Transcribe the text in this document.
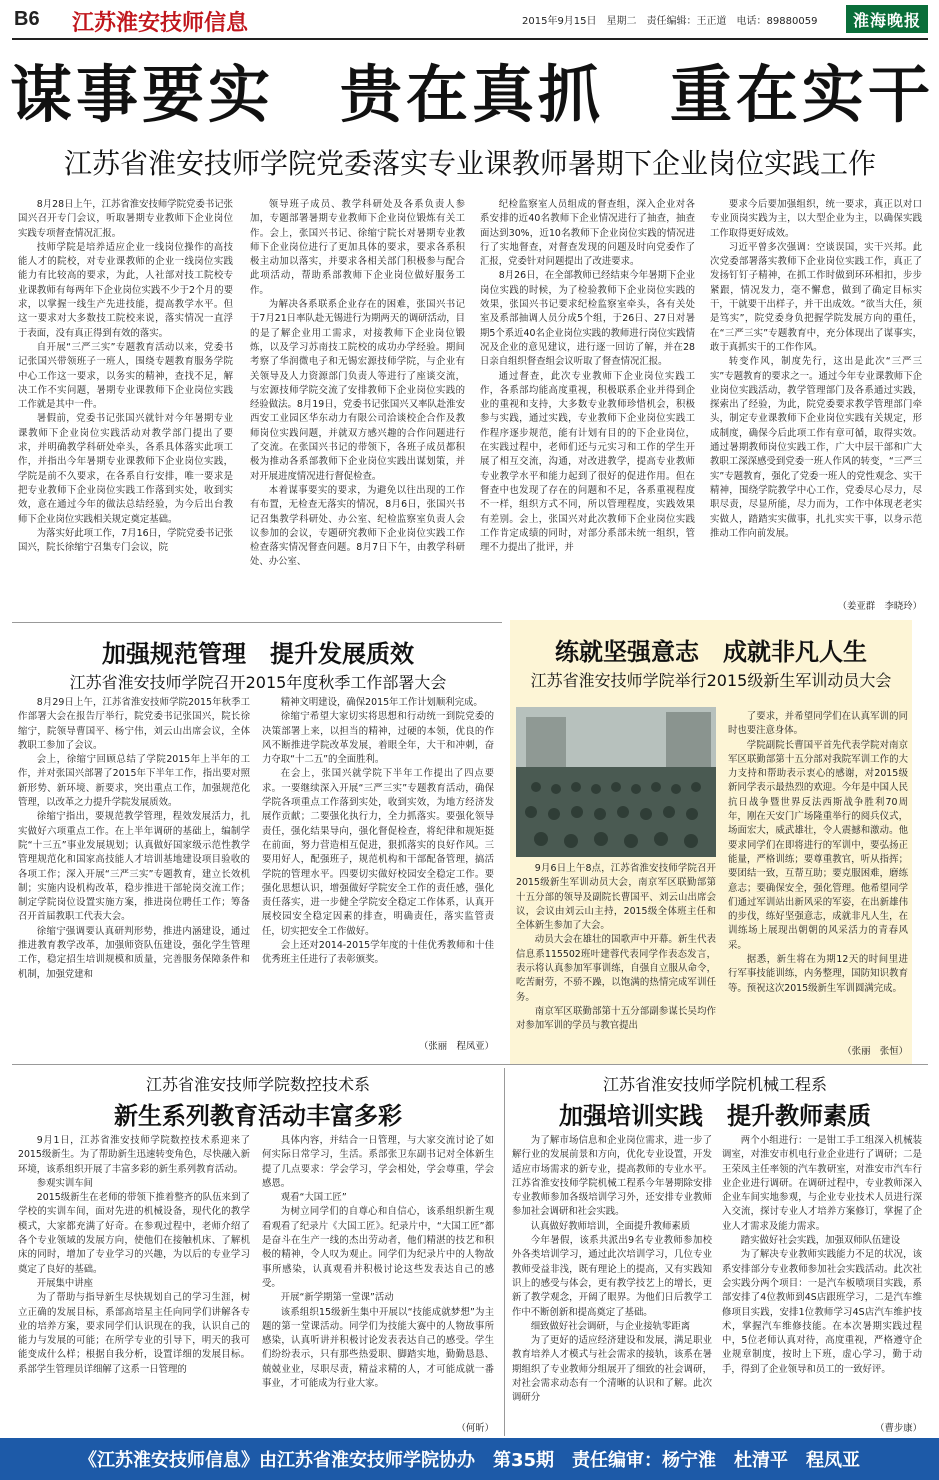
B6 江苏淮安技师信息	2015年9月15日　星期二　责任编辑：王正道　电话：89880059	淮海晚报
谋事要实　贵在真抓　重在实干
江苏省淮安技师学院党委落实专业课教师暑期下企业岗位实践工作

8月28日上午，江苏省淮安技师学院党委书记张国兴召开专门会议，听取暑期专业教师下企业岗位实践专项督查情况汇报。

技师学院是培养适应企业一线岗位操作的高技能人才的院校，对专业课教师的企业一线岗位实践能力有比较高的要求，为此，人社部对技工院校专业课教师有每两年下企业岗位实践不少于2个月的要求，以掌握一线生产先进技能，提高教学水平。但这一要求对大多数技工院校来说，落实情况一直浮于表面，没有真正得到有效的落实。

自开展“三严三实”专题教育活动以来，党委书记张国兴带领班子一班人，围绕专题教育服务学院中心工作这一要求，以务实的精神，查找不足，解决工作不实问题，暑期专业课教师下企业岗位实践工作就是其中一件。

暑假前，党委书记张国兴就针对今年暑期专业课教师下企业岗位实践活动对教学部门提出了要求，并明确教学科研处牵头，各系具体落实此项工作，并指出今年暑期专业课教师下企业岗位实践，学院是前不久要求，在各系自行安排，唯一要求是把专业教师下企业岗位实践工作落到实处，收到实效，意在通过今年的做法总结经验，为今后出台教师下企业岗位实践相关规定奠定基础。

为落实好此项工作，7月16日，学院党委书记张国兴，院长徐缩宁召集专门会议，院

领导班子成员、教学科研处及各系负责人参加，专题部署暑期专业教师下企业岗位锻炼有关工作。会上，张国兴书记、徐缩宁院长对暑期专业教师下企业岗位进行了更加具体的要求，要求各系积极主动加以落实，并要求各相关部门积极参与配合此项活动，帮助系部教师下企业岗位做好服务工作。

为解决各系联系企业存在的困难，张国兴书记于7月21日率队赴无锡进行为期两天的调研活动，目的是了解企业用工需求，对接教师下企业岗位锻炼，以及学习苏南技工院校的成功办学经验。期间考察了华润微电子和无锡宏源技师学院，与企业有关领导及人力资源部门负责人等进行了座谈交流，与宏源技师学院交流了安排教师下企业岗位实践的经验做法。8月19日，党委书记张国兴又率队赴淮安西安工业园区华东动力有限公司洽谈校企合作及教师岗位实践问题，并就双方感兴趣的合作问题进行了交流。在张国兴书记的带领下，各班子成员都积极为推动各系部教师下企业岗位实践出谋划策，并对开展进度情况进行督促检查。

本着谋事要实的要求，为避免以往出现的工作有布置，无检查无落实的情况，8月6日，张国兴书记召集教学科研处、办公室、纪检监察室负责人会议参加的会议，专题研究教师下企业岗位实践工作检查落实情况督查问题。8月7日下午，由教学科研处、办公室、

纪检监察室人员组成的督查组，深入企业对各系安排的近40名教师下企业情况进行了抽查，抽查面达到30%，近10名教师下企业岗位实践的情况进行了实地督查，对督查发现的问题及时向党委作了汇报，党委针对问题提出了改进要求。

8月26日，在全部教师已经结束今年暑期下企业岗位实践的时候，为了检验教师下企业岗位实践的效果，张国兴书记要求纪检监察室牵头，各有关处室及系部抽调人员分成5个组，于26日、27日对暑期5个系近40名企业岗位实践的教师进行岗位实践情况及企业的意见建议，进行逐一回访了解，并在28日亲自组织督查组会议听取了督查情况汇报。

通过督查，此次专业教师下企业岗位实践工作，各系部均能高度重视，积极联系企业并得到企业的重视和支持，大多数专业教师珍惜机会，积极参与实践，通过实践，专业教师下企业岗位实践工作程序逐步规范，能有计划有目的的下企业岗位，在实践过程中，老师们还与元实习和工作的学生开展了相互交流，沟通，对改进教学，提高专业教师专业教学水平和能力起到了很好的促进作用。但在督查中也发现了存在的问题和不足，各系重视程度不一样，组织方式不同，所以管理程度，实践效果有差别。会上，张国兴对此次教师下企业岗位实践工作肯定成绩的同时，对部分系部未统一组织，管理不力提出了批评，并

要求今后要加强组织，统一要求，真正以对口专业顶岗实践为主，以大型企业为主，以确保实践工作取得更好成效。

习近平曾多次强调：空谈误国，实干兴邦。此次党委部署落实教师下企业岗位实践工作，真正了发扬钉钉子精神，在抓工作时做到环环相扣，步步紧跟，情况发力，毫不懈怠，做到了确定目标实干，干就要干出样子，并干出成效。“欲当大任，须是笃实”，院党委身负把握学院发展方向的重任，在“三严三实”专题教育中，充分体现出了谋事实，敢于真抓实干的工作作风。

转变作风，制度先行，这出是此次“三严三实”专题教育的要求之一。通过今年专业课教师下企业岗位实践活动，教学管理部门及各系通过实践，探索出了经验，为此，院党委要求教学管理部门牵头，制定专业课教师下企业岗位实践有关规定，形成制度，确保今后此项工作有章可循，取得实效。通过暑期教师岗位实践工作，广大中层干部和广大教职工深深感受到党委一班人作风的转变，“三严三实”专题教育，强化了党委一班人的党性观念、实干精神，围绕学院教学中心工作，党委尽心尽力，尽职尽责，尽显所能，尽力而为，工作中体现老老实实做人，踏踏实实做事，扎扎实实干事，以身示范推动工作向前发展。

（姜亚群　李晓玲）
加强规范管理　提升发展质效
江苏省淮安技师学院召开2015年度秋季工作部署大会

8月29日上午，江苏省淮安技师学院2015年秋季工作部署大会在报告厅举行，院党委书记张国兴，院长徐缩宁，院领导曹国平、杨宁伟，刘云山出席会议，全体教职工参加了会议。

会上，徐缩宁回顾总结了学院2015年上半年的工作，并对张国兴部署了2015年下半年工作，指出要对照新形势、新环境、新要求，突出重点工作，加强规范化管理，以改革之力提升学院发展质效。

徐缩宁指出，要规范教学管理，程效发展活力，扎实做好六项重点工作。在上半年调研的基础上，编制学院“十三五”事业发展规划；认真做好国家级示范性教学管理规范化和国家高技能人才培训基地建设项目验收的各项工作；深入开展“三严三实”专题教育，建立长效机制；实施内设机构改革，稳步推进干部轮岗交流工作；制定学院岗位设置实施方案，推进岗位聘任工作；筹备召开首届教职工代表大会。

徐缩宁强调要认真研判形势，推进内涵建设，通过推进教育教学改革，加强师资队伍建设，强化学生管理工作，稳定招生培训规模和质量，完善服务保障条件和机制，加强党建和

精神文明建设，确保2015年工作计划顺利完成。

徐缩宁希望大家切实将思想和行动统一到院党委的决策部署上来，以担当的精神，过硬的本领，优良的作风不断推进学院改革发展，着眼全年，大干和冲刺，奋力夺取“十二五”的全面胜利。

在会上，张国兴就学院下半年工作提出了四点要求。一要继续深入开展“三严三实”专题教育活动，确保学院各项重点工作落到实处，收到实效，为地方经济发展作贡献；二要强化执行力，全力抓落实。要强化领导责任，强化结果导向，强化督促检查，将纪律和规矩挺在前面，努力营造相互促进，狠抓落实的良好作风。三要用好人，配强班子，规范机构和干部配备管理，搞活学院的管理水平。四要切实做好校园安全稳定工作。要强化思想认识，增强做好学院安全工作的责任感，强化责任落实，进一步健全学院安全稳定工作体系，认真开展校园安全稳定因素的排查，明确责任，落实监管责任，切实把安全工作做好。

会上还对2014-2015学年度的十佳优秀教师和十佳优秀班主任进行了表彰颁奖。

（张丽　程凤亚）
练就坚强意志　成就非凡人生
江苏省淮安技师学院举行2015级新生军训动员大会

9月6日上午8点，江苏省淮安技师学院召开2015级新生军训动员大会，南京军区联勤部第十五分部的领导及副院长曹国平、刘云山出席会议，会议由刘云山主持，2015级全体班主任和全体新生参加了大会。

动员大会在雄壮的国歌声中开幕。新生代表信息系115502班叶建蓉代表同学作表态发言，表示将认真参加军事训练，自强自立服从命令，吃苦耐劳，不骄不躁，以饱满的热情完成军训任务。

南京军区联勤部第十五分部副参谋长吴均作对参加军训的学员与教官提出

了要求，并希望同学们在认真军训的同时也要注意身体。

学院副院长曹国平首先代表学院对南京军区联勤部第十五分部对我院军训工作的大力支持和帮助表示衷心的感谢，对2015级新同学表示最热烈的欢迎。今年是中国人民抗日战争暨世界反法西斯战争胜利70周年，刚在天安门广场隆重举行的阅兵仪式，场面宏大，威武雄壮，令人震撼和激动。他要求同学们在即将进行的军训中，要弘扬正能量，严格训练；要尊重教官，听从指挥；要团结一致，互帮互助；要克服困难，磨练意志；要确保安全，强化管理。他希望同学们通过军训站出新风采的军姿，在出新雄伟的步伐，练好坚强意志，成就非凡人生，在训练场上展现出朝朝的风采活力的青春风采。

据悉，新生将在为期12天的时间里进行军事技能训练，内务整理，国防知识教育等。预祝这次2015级新生军训圆满完成。

（张丽　张恒）
江苏省淮安技师学院数控技术系
新生系列教育活动丰富多彩

9月1日，江苏省淮安技师学院数控技术系迎来了2015级新生。为了帮助新生迅速转变角色，尽快融入新环境，该系组织开展了丰富多彩的新生系列教育活动。

参观实训车间

2015级新生在老师的带领下推着整齐的队伍来到了学校的实训车间，面对先进的机械设备，现代化的教学模式，大家都充满了好奇。在参观过程中，老师介绍了各个专业领域的发展方向，使他们在接触机床、了解机床的同时，增加了专业学习的兴趣，为以后的专业学习奠定了良好的基础。

开展集中讲座

为了帮助与指导新生尽快规划自己的学习生涯，树立正确的发展目标，系部高培星主任向同学们讲解各专业的培养方案，要求同学们认识现在的我，认识自己的能力与发展的可能；在所学专业的引导下，明天的我可能变成什么样；根据自我分析，设置详细的发展目标。系部学生管理员详细解了这系一日管理的

具体内容，并结合一日管理，与大家交流讨论了如何实际日常学习，生活。系部张卫东副书记对全体新生提了几点要求：学会学习，学会相处，学会尊重，学会感恩。

观看“大国工匠”

为树立同学们的自尊心和自信心，该系组织新生观看观看了纪录片《大国工匠》。纪录片中，“大国工匠”都是奋斗在生产一线的杰出劳动者，他们精湛的技艺和积极的精神，令人叹为观止。同学们为纪录片中的人物故事所感染，认真观看并积极讨论这些发表达自己的感受。

开展“新学期第一堂课”活动

该系组织15级新生集中开展以“技能成就梦想”为主题的第一堂课活动。同学们为技能大赛中的人物故事所感染，认真听讲并积极讨论发表表达自己的感受。学生们纷纷表示，只有那些热爱职、脚踏实地，勤勤恳恳、兢兢业业，尽职尽责，精益求精的人，才可能成就一番事业，才可能成为行业大家。

（何昕）
江苏省淮安技师学院机械工程系
加强培训实践　提升教师素质

为了解市场信息和企业岗位需求，进一步了解行业的发展前景和方向，优化专业设置，开发适应市场需求的新专业，提高教师的专业水平。江苏省淮安技师学院机械工程系今年暑期除安排专业教师参加各级培训学习外，还安排专业教师参加社会调研和社会实践。

认真做好教师培训，全面提升教师素质

今年暑假，该系共派出9名专业教师参加校外各类培训学习，通过此次培训学习，几位专业教师受益非浅，既有理论上的提高，又有实践知识上的感受与体会，更有教学技艺上的增长，更新了教学观念，开阔了眼界。为他们日后教学工作中不断创新和提高奠定了基础。

细致做好社会调研，与企业接轨零距离

为了更好的适应经济建设和发展，满足职业教育培养人才模式与社会需求的接轨，该系在暑期组织了专业教师分组展开了细致的社会调研，对社会需求动态有一个清晰的认识和了解。此次调研分

两个小组进行：一是钳工手工组深入机械装调室，对淮安市机电行业企业进行了调研；二是王荣凤主任率领的汽车教研室，对淮安市汽车行业企业进行调研。在调研过程中，专业教师深入企业车间实地参观，与企业专业技术人员进行深入交流，探讨专业人才培养方案修订，掌握了企业人才需求及能力需求。

踏实做好社会实践，加强双师队伍建设

为了解决专业教师实践能力不足的状况，该系安排部分专业教师参加社会实践活动。此次社会实践分两个项目：一是汽车板喷项目实践，系部安排了4位教师到4S店跟班学习，二是汽车维修项目实践，安排1位教师学习4S店汽车维护技术，掌握汽车维修技能。在本次暑期实践过程中，5位老师认真对待，高度重视，严格遵守企业规章制度，按时上下班，虚心学习，勤于动手，得到了企业领导和员工的一致好评。

（曹步康）
《江苏淮安技师信息》由江苏省淮安技师学院协办　第35期　责任编审：杨宁淮　杜清平　程凤亚
